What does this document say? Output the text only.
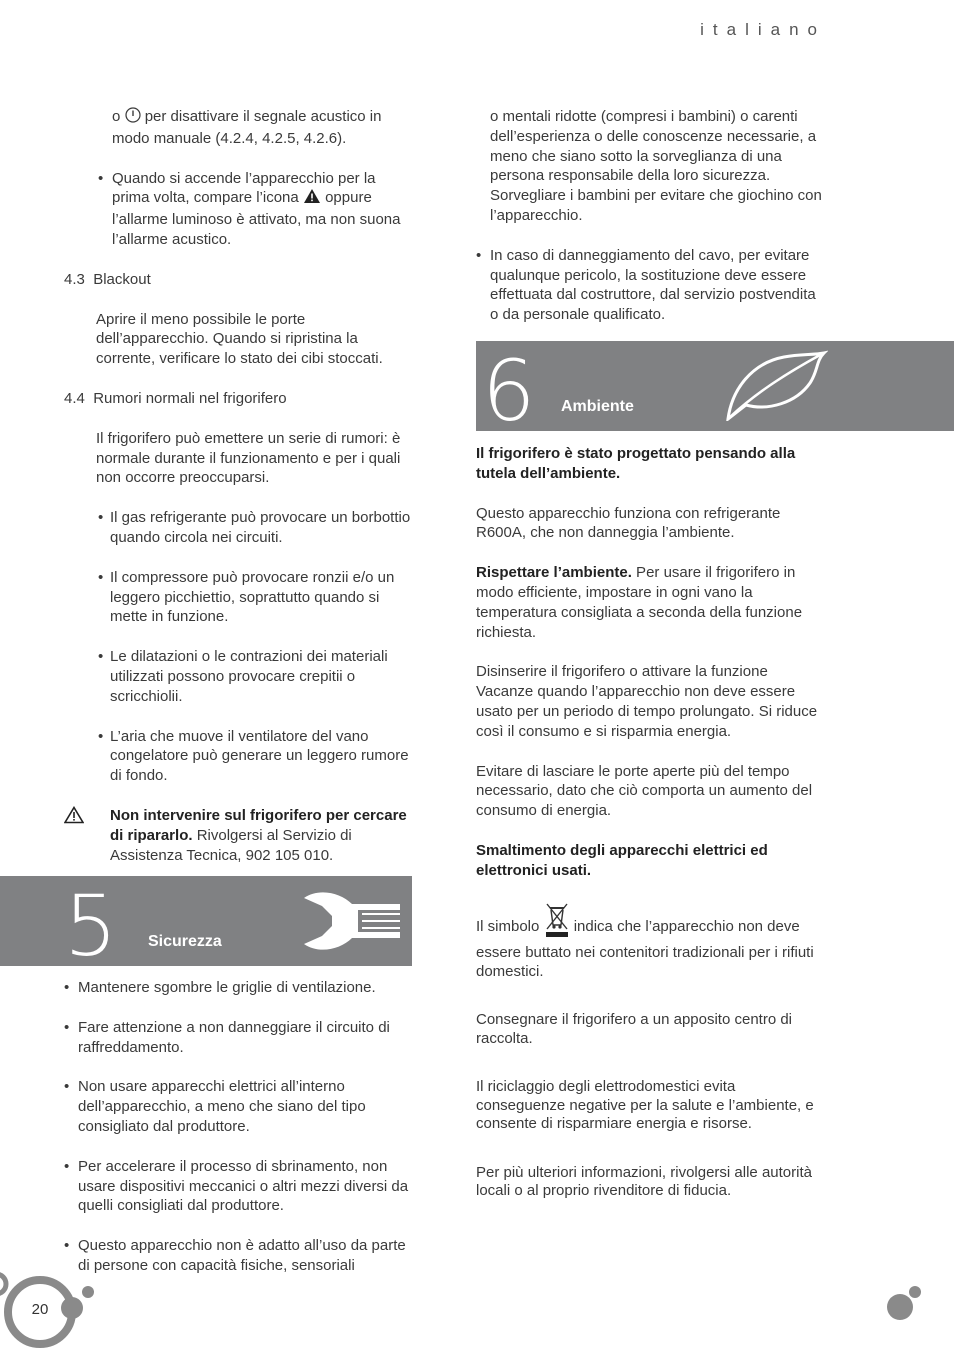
italiano

o per disattivare il segnale acustico in modo manuale (4.2.4, 4.2.5, 4.2.6).

• Quando si accende l’apparecchio per la prima volta, compare l’icona oppure l’allarme luminoso è attivato, ma non suona l’allarme acustico.

4.3 Blackout

Aprire il meno possibile le porte dell’apparecchio. Quando si ripristina la corrente, verificare lo stato dei cibi stoccati.

4.4 Rumori normali nel frigorifero

Il frigorifero può emettere un serie di rumori: è normale durante il funzionamento e per i quali non occorre preoccuparsi.

• Il gas refrigerante può provocare un borbottio quando circola nei circuiti.

• Il compressore può provocare ronzii e/o un leggero picchiettio, soprattutto quando si mette in funzione.

• Le dilatazioni o le contrazioni dei materiali utilizzati possono provocare crepitii o scricchiolii.

• L’aria che muove il ventilatore del vano congelatore può generare un leggero rumore di fondo.

Non intervenire sul frigorifero per cercare di ripararlo. Rivolgersi al Servizio di Assistenza Tecnica, 902 105 010.
5 Sicurezza

• Mantenere sgombre le griglie di ventilazione.

• Fare attenzione a non danneggiare il circuito di raffreddamento.

• Non usare apparecchi elettrici all’interno dell’apparecchio, a meno che siano del tipo consigliato dal produttore.

• Per accelerare il processo di sbrinamento, non usare dispositivi meccanici o altri mezzi diversi da quelli consigliati dal produttore.

• Questo apparecchio non è adatto all’uso da parte di persone con capacità fisiche, sensoriali

o mentali ridotte (compresi i bambini) o carenti dell’esperienza o delle conoscenze necessarie, a meno che siano sotto la sorveglianza di una persona responsabile della loro sicurezza. Sorvegliare i bambini per evitare che giochino con l’apparecchio.

• In caso di danneggiamento del cavo, per evitare qualunque pericolo, la sostituzione deve essere effettuata dal costruttore, dal servizio postvendita o da personale qualificato.

6 Ambiente

Il frigorifero è stato progettato pensando alla tutela dell’ambiente.

Questo apparecchio funziona con refrigerante R600A, che non danneggia l’ambiente.

Rispettare l’ambiente. Per usare il frigorifero in modo efficiente, impostare in ogni vano la temperatura consigliata a seconda della funzione richiesta.

Disinserire il frigorifero o attivare la funzione Vacanze quando l’apparecchio non deve essere usato per un periodo di tempo prolungato. Si riduce così il consumo e si risparmia energia.

Evitare di lasciare le porte aperte più del tempo necessario, dato che ciò comporta un aumento del consumo di energia.

Smaltimento degli apparecchi elettrici ed elettronici usati.

Il simbolo indica che l’apparecchio non deve essere buttato nei contenitori tradizionali per i rifiuti domestici.

Consegnare il frigorifero a un apposito centro di raccolta.

Il riciclaggio degli elettrodomestici evita conseguenze negative per la salute e l’ambiente, e consente di risparmiare energia e risorse.

Per più ulteriori informazioni, rivolgersi alle autorità locali o al proprio rivenditore di fiducia.

20
